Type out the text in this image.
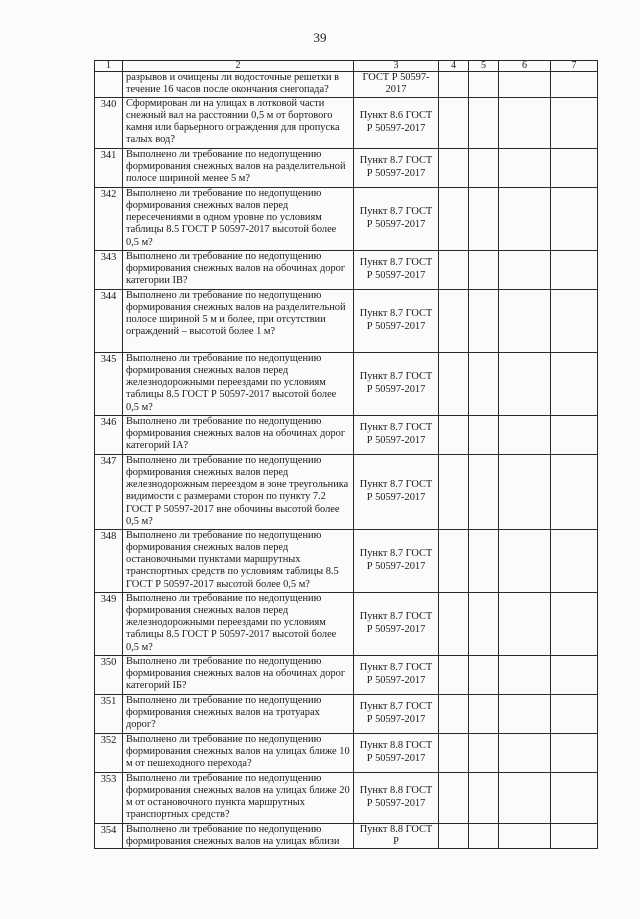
39
1	2	3	4	5	6	7
	разрывов и очищены ли водосточные решетки в течение 16 часов после окончания снегопада?	ГОСТ Р 50597-2017				
340	Сформирован ли на улицах в лотковой части снежный вал на расстоянии 0,5 м от бортового камня или барьерного ограждения для пропуска талых вод?	Пункт 8.6 ГОСТ Р 50597-2017				
341	Выполнено ли требование по недопущению формирования снежных валов на разделительной полосе шириной менее 5 м?	Пункт 8.7 ГОСТ Р 50597-2017				
342	Выполнено ли требование по недопущению формирования снежных валов перед пересечениями в одном уровне по условиям таблицы 8.5 ГОСТ Р 50597-2017 высотой более 0,5 м?	Пункт 8.7 ГОСТ Р 50597-2017				
343	Выполнено ли требование по недопущению формирования снежных валов на обочинах дорог категории IB?	Пункт 8.7 ГОСТ Р 50597-2017				
344	Выполнено ли требование по недопущению формирования снежных валов на разделительной полосе шириной 5 м и более, при отсутствии ограждений – высотой более 1 м?	Пункт 8.7 ГОСТ Р 50597-2017				
345	Выполнено ли требование по недопущению формирования снежных валов перед железнодорожными переездами по условиям таблицы 8.5 ГОСТ Р 50597-2017 высотой более 0,5 м?	Пункт 8.7 ГОСТ Р 50597-2017				
346	Выполнено ли требование по недопущению формирования снежных валов на обочинах дорог категорий IA?	Пункт 8.7 ГОСТ Р 50597-2017				
347	Выполнено ли требование по недопущению формирования снежных валов перед железнодорожным переездом в зоне треугольника видимости с размерами сторон по пункту 7.2 ГОСТ Р 50597-2017 вне обочины высотой более 0,5 м?	Пункт 8.7 ГОСТ Р 50597-2017				
348	Выполнено ли требование по недопущению формирования снежных валов перед остановочными пунктами маршрутных транспортных средств по условиям таблицы 8.5 ГОСТ Р 50597-2017 высотой более 0,5 м?	Пункт 8.7 ГОСТ Р 50597-2017				
349	Выполнено ли требование по недопущению формирования снежных валов перед железнодорожными переездами по условиям таблицы 8.5 ГОСТ Р 50597-2017 высотой более 0,5 м?	Пункт 8.7 ГОСТ Р 50597-2017				
350	Выполнено ли требование по недопущению формирования снежных валов на обочинах дорог категорий IБ?	Пункт 8.7 ГОСТ Р 50597-2017				
351	Выполнено ли требование по недопущению формирования снежных валов на тротуарах дорог?	Пункт 8.7 ГОСТ Р 50597-2017				
352	Выполнено ли требование по недопущению формирования снежных валов на улицах ближе 10 м от пешеходного перехода?	Пункт 8.8 ГОСТ Р 50597-2017				
353	Выполнено ли требование по недопущению формирования снежных валов на улицах ближе 20 м от остановочного пункта маршрутных транспортных средств?	Пункт 8.8 ГОСТ Р 50597-2017				
354	Выполнено ли требование по недопущению формирования снежных валов на улицах вблизи	Пункт 8.8 ГОСТ Р				
